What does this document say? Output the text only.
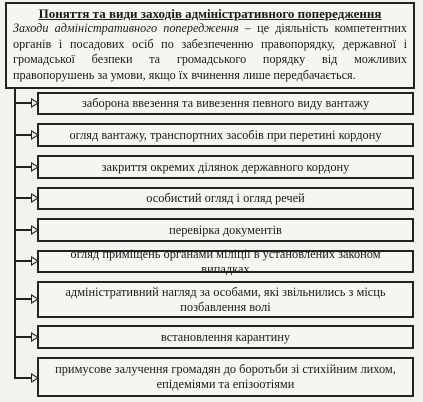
Поняття та види заходів адміністративного попередження

Заходи адміністративного попередження – це діяльність компетентних органів і посадових осіб по забезпеченню правопорядку, державної і громадської безпеки та громадського порядку від можливих правопорушень за умови, якщо їх вчинення лише передбачається.

заборона ввезення та вивезення певного виду вантажу
огляд вантажу, транспортних засобів при перетині кордону
закриття окремих ділянок державного кордону
особистий огляд і огляд речей
перевірка документів
огляд приміщень органами міліції в установлених законом випадках
адміністративний нагляд за особами, які звільнились з місць позбавлення волі
встановлення карантину
примусове залучення громадян до боротьби зі стихійним лихом, епідеміями та епізоотіями
